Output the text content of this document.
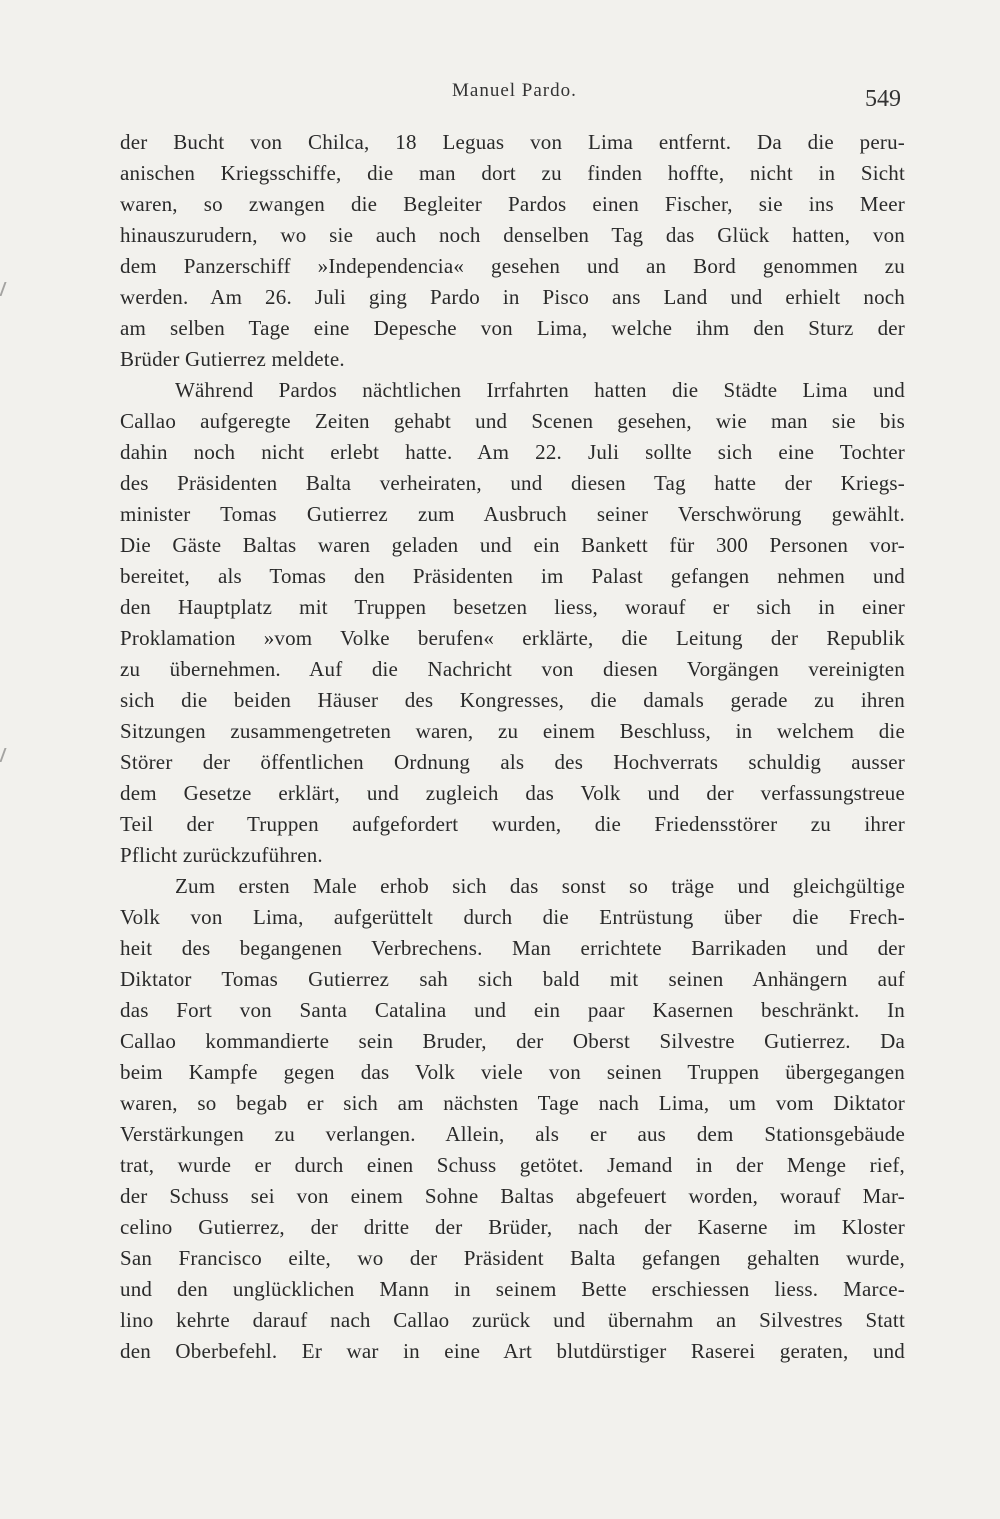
Manuel Pardo.	549
der Bucht von Chilca, 18 Leguas von Lima entfernt. Da die peru-
anischen Kriegsschiffe, die man dort zu finden hoffte, nicht in Sicht
waren, so zwangen die Begleiter Pardos einen Fischer, sie ins Meer
hinauszurudern, wo sie auch noch denselben Tag das Glück hatten, von
dem Panzerschiff »Independencia« gesehen und an Bord genommen zu
werden. Am 26. Juli ging Pardo in Pisco ans Land und erhielt noch
am selben Tage eine Depesche von Lima, welche ihm den Sturz der
Brüder Gutierrez meldete.
Während Pardos nächtlichen Irrfahrten hatten die Städte Lima und
Callao aufgeregte Zeiten gehabt und Scenen gesehen, wie man sie bis
dahin noch nicht erlebt hatte. Am 22. Juli sollte sich eine Tochter
des Präsidenten Balta verheiraten, und diesen Tag hatte der Kriegs-
minister Tomas Gutierrez zum Ausbruch seiner Verschwörung gewählt.
Die Gäste Baltas waren geladen und ein Bankett für 300 Personen vor-
bereitet, als Tomas den Präsidenten im Palast gefangen nehmen und
den Hauptplatz mit Truppen besetzen liess, worauf er sich in einer
Proklamation »vom Volke berufen« erklärte, die Leitung der Republik
zu übernehmen. Auf die Nachricht von diesen Vorgängen vereinigten
sich die beiden Häuser des Kongresses, die damals gerade zu ihren
Sitzungen zusammengetreten waren, zu einem Beschluss, in welchem die
Störer der öffentlichen Ordnung als des Hochverrats schuldig ausser
dem Gesetze erklärt, und zugleich das Volk und der verfassungstreue
Teil der Truppen aufgefordert wurden, die Friedensstörer zu ihrer
Pflicht zurückzuführen.
Zum ersten Male erhob sich das sonst so träge und gleichgültige
Volk von Lima, aufgerüttelt durch die Entrüstung über die Frech-
heit des begangenen Verbrechens. Man errichtete Barrikaden und der
Diktator Tomas Gutierrez sah sich bald mit seinen Anhängern auf
das Fort von Santa Catalina und ein paar Kasernen beschränkt. In
Callao kommandierte sein Bruder, der Oberst Silvestre Gutierrez. Da
beim Kampfe gegen das Volk viele von seinen Truppen übergegangen
waren, so begab er sich am nächsten Tage nach Lima, um vom Diktator
Verstärkungen zu verlangen. Allein, als er aus dem Stationsgebäude
trat, wurde er durch einen Schuss getötet. Jemand in der Menge rief,
der Schuss sei von einem Sohne Baltas abgefeuert worden, worauf Mar-
celino Gutierrez, der dritte der Brüder, nach der Kaserne im Kloster
San Francisco eilte, wo der Präsident Balta gefangen gehalten wurde,
und den unglücklichen Mann in seinem Bette erschiessen liess. Marce-
lino kehrte darauf nach Callao zurück und übernahm an Silvestres Statt
den Oberbefehl. Er war in eine Art blutdürstiger Raserei geraten, und
